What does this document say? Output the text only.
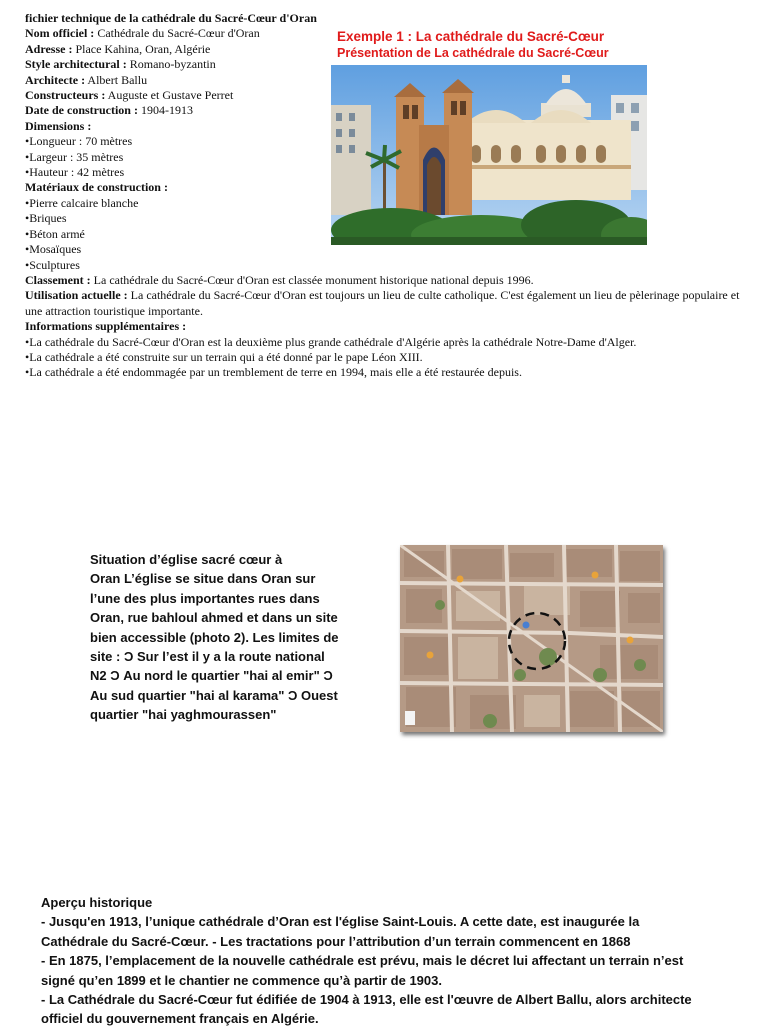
fichier technique de la cathédrale du Sacré-Cœur d'Oran
Nom officiel : Cathédrale du Sacré-Cœur d'Oran
Adresse : Place Kahina, Oran, Algérie
Style architectural : Romano-byzantin
Architecte : Albert Ballu
Constructeurs : Auguste et Gustave Perret
Date de construction : 1904-1913
Dimensions :
•Longueur : 70 mètres
•Largeur : 35 mètres
•Hauteur : 42 mètres
Matériaux de construction :
•Pierre calcaire blanche
•Briques
•Béton armé
•Mosaïques
•Sculptures
Classement : La cathédrale du Sacré-Cœur d'Oran est classée monument historique national depuis 1996.
Utilisation actuelle : La cathédrale du Sacré-Cœur d'Oran est toujours un lieu de culte catholique. C'est également un lieu de pèlerinage populaire et une attraction touristique importante.
Informations supplémentaires :
•La cathédrale du Sacré-Cœur d'Oran est la deuxième plus grande cathédrale d'Algérie après la cathédrale Notre-Dame d'Alger.
•La cathédrale a été construite sur un terrain qui a été donné par le pape Léon XIII.
•La cathédrale a été endommagée par un tremblement de terre en 1994, mais elle a été restaurée depuis.
Exemple 1 : La cathédrale du Sacré-Cœur
Présentation de La cathédrale du Sacré-Cœur
Situation d’église sacré cœur à
Oran L’église se situe dans Oran sur
l’une des plus importantes rues dans
Oran, rue bahloul ahmed et dans un site
bien accessible (photo 2). Les limites de
site : Ͻ Sur l’est il y a la route national
N2 Ͻ Au nord le quartier "hai al emir" Ͻ
Au sud quartier "hai al karama" Ͻ Ouest
quartier "hai yaghmourassen"
Aperçu historique
- Jusqu'en 1913, l’unique cathédrale d’Oran est l'église Saint-Louis. A cette date, est inaugurée la
Cathédrale du Sacré-Cœur. - Les tractations pour l’attribution d’un terrain commencent en 1868
- En 1875, l’emplacement de la nouvelle cathédrale est prévu, mais le décret lui affectant un terrain n’est
signé qu’en 1899 et le chantier ne commence qu’à partir de 1903.
- La Cathédrale du Sacré-Cœur fut édifiée de 1904 à 1913, elle est l'œuvre de Albert Ballu, alors architecte
officiel du gouvernement français en Algérie.
